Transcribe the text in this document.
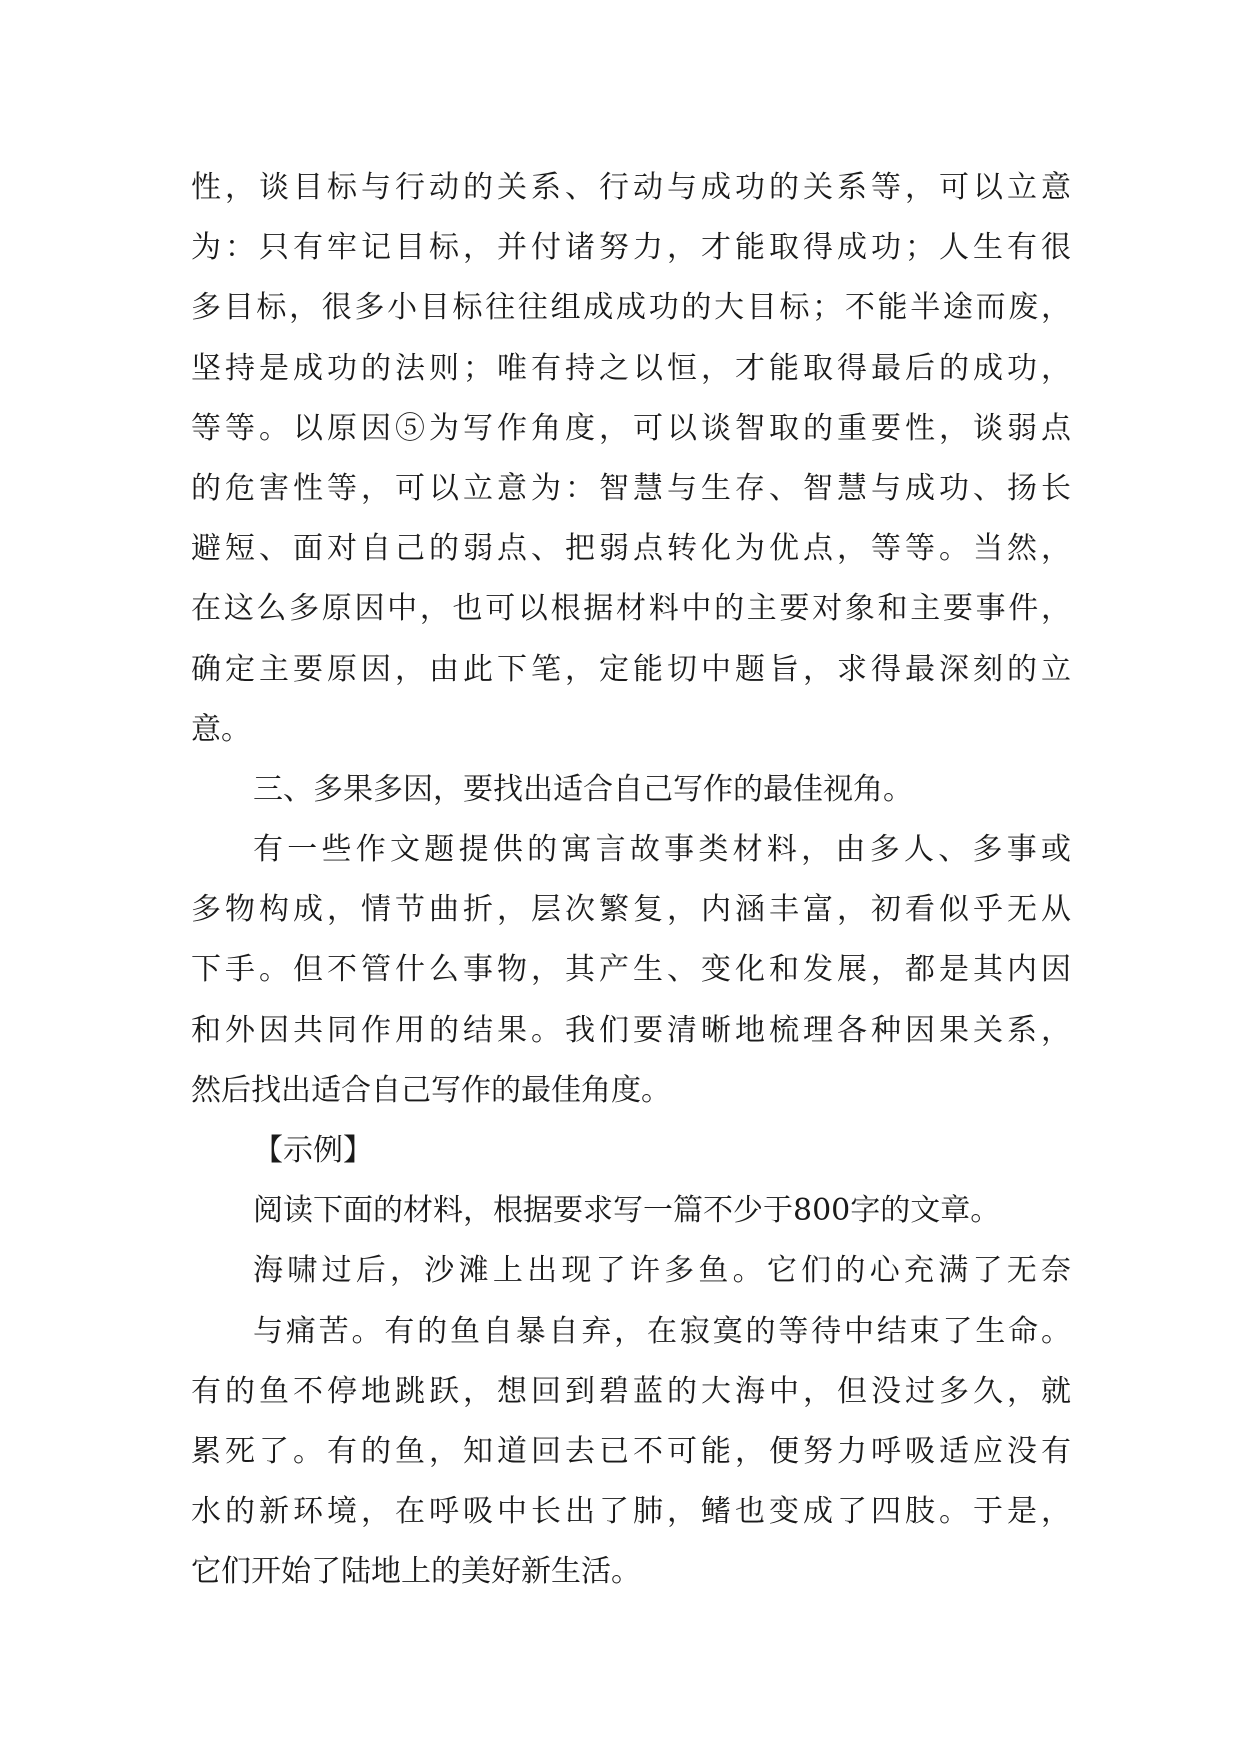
性，谈目标与行动的关系、行动与成功的关系等，可以立意
为：只有牢记目标，并付诸努力，才能取得成功；人生有很
多目标，很多小目标往往组成成功的大目标；不能半途而废，
坚持是成功的法则；唯有持之以恒，才能取得最后的成功，
等等。以原因⑤为写作角度，可以谈智取的重要性，谈弱点
的危害性等，可以立意为：智慧与生存、智慧与成功、扬长
避短、面对自己的弱点、把弱点转化为优点，等等。当然，
在这么多原因中，也可以根据材料中的主要对象和主要事件，
确定主要原因，由此下笔，定能切中题旨，求得最深刻的立
意。
三、多果多因，要找出适合自己写作的最佳视角。
有一些作文题提供的寓言故事类材料，由多人、多事或
多物构成，情节曲折，层次繁复，内涵丰富，初看似乎无从
下手。但不管什么事物，其产生、变化和发展，都是其内因
和外因共同作用的结果。我们要清晰地梳理各种因果关系，
然后找出适合自己写作的最佳角度。
【示例】
阅读下面的材料，根据要求写一篇不少于800字的文章。
海啸过后，沙滩上出现了许多鱼。它们的心充满了无奈
与痛苦。有的鱼自暴自弃，在寂寞的等待中结束了生命。
有的鱼不停地跳跃，想回到碧蓝的大海中，但没过多久，就
累死了。有的鱼，知道回去已不可能，便努力呼吸适应没有
水的新环境，在呼吸中长出了肺，鳍也变成了四肢。于是，
它们开始了陆地上的美好新生活。
